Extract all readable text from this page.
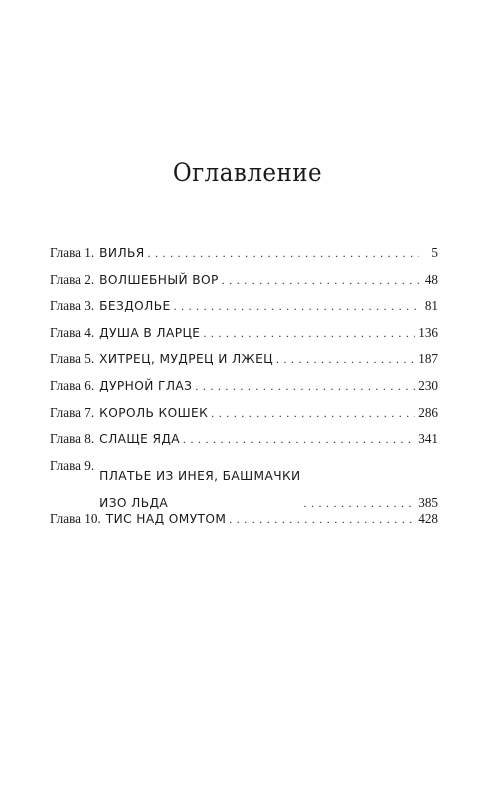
Оглавление
Глава 1. ВИЛЬЯ . . .	5
Глава 2. ВОЛШЕБНЫЙ ВОР . . .	48
Глава 3. БЕЗДОЛЬЕ . . .	81
Глава 4. ДУША В ЛАРЦЕ . . .	136
Глава 5. ХИТРЕЦ, МУДРЕЦ И ЛЖЕЦ . . .	187
Глава 6. ДУРНОЙ ГЛАЗ . . .	230
Глава 7. КОРОЛЬ КОШЕК . . .	286
Глава 8. СЛАЩЕ ЯДА . . .	341
Глава 9.
ПЛАТЬЕ ИЗ ИНЕЯ, БАШМАЧКИ
ИЗО ЛЬДА . . .	385
Глава 10. ТИС НАД ОМУТОМ . . .	428
